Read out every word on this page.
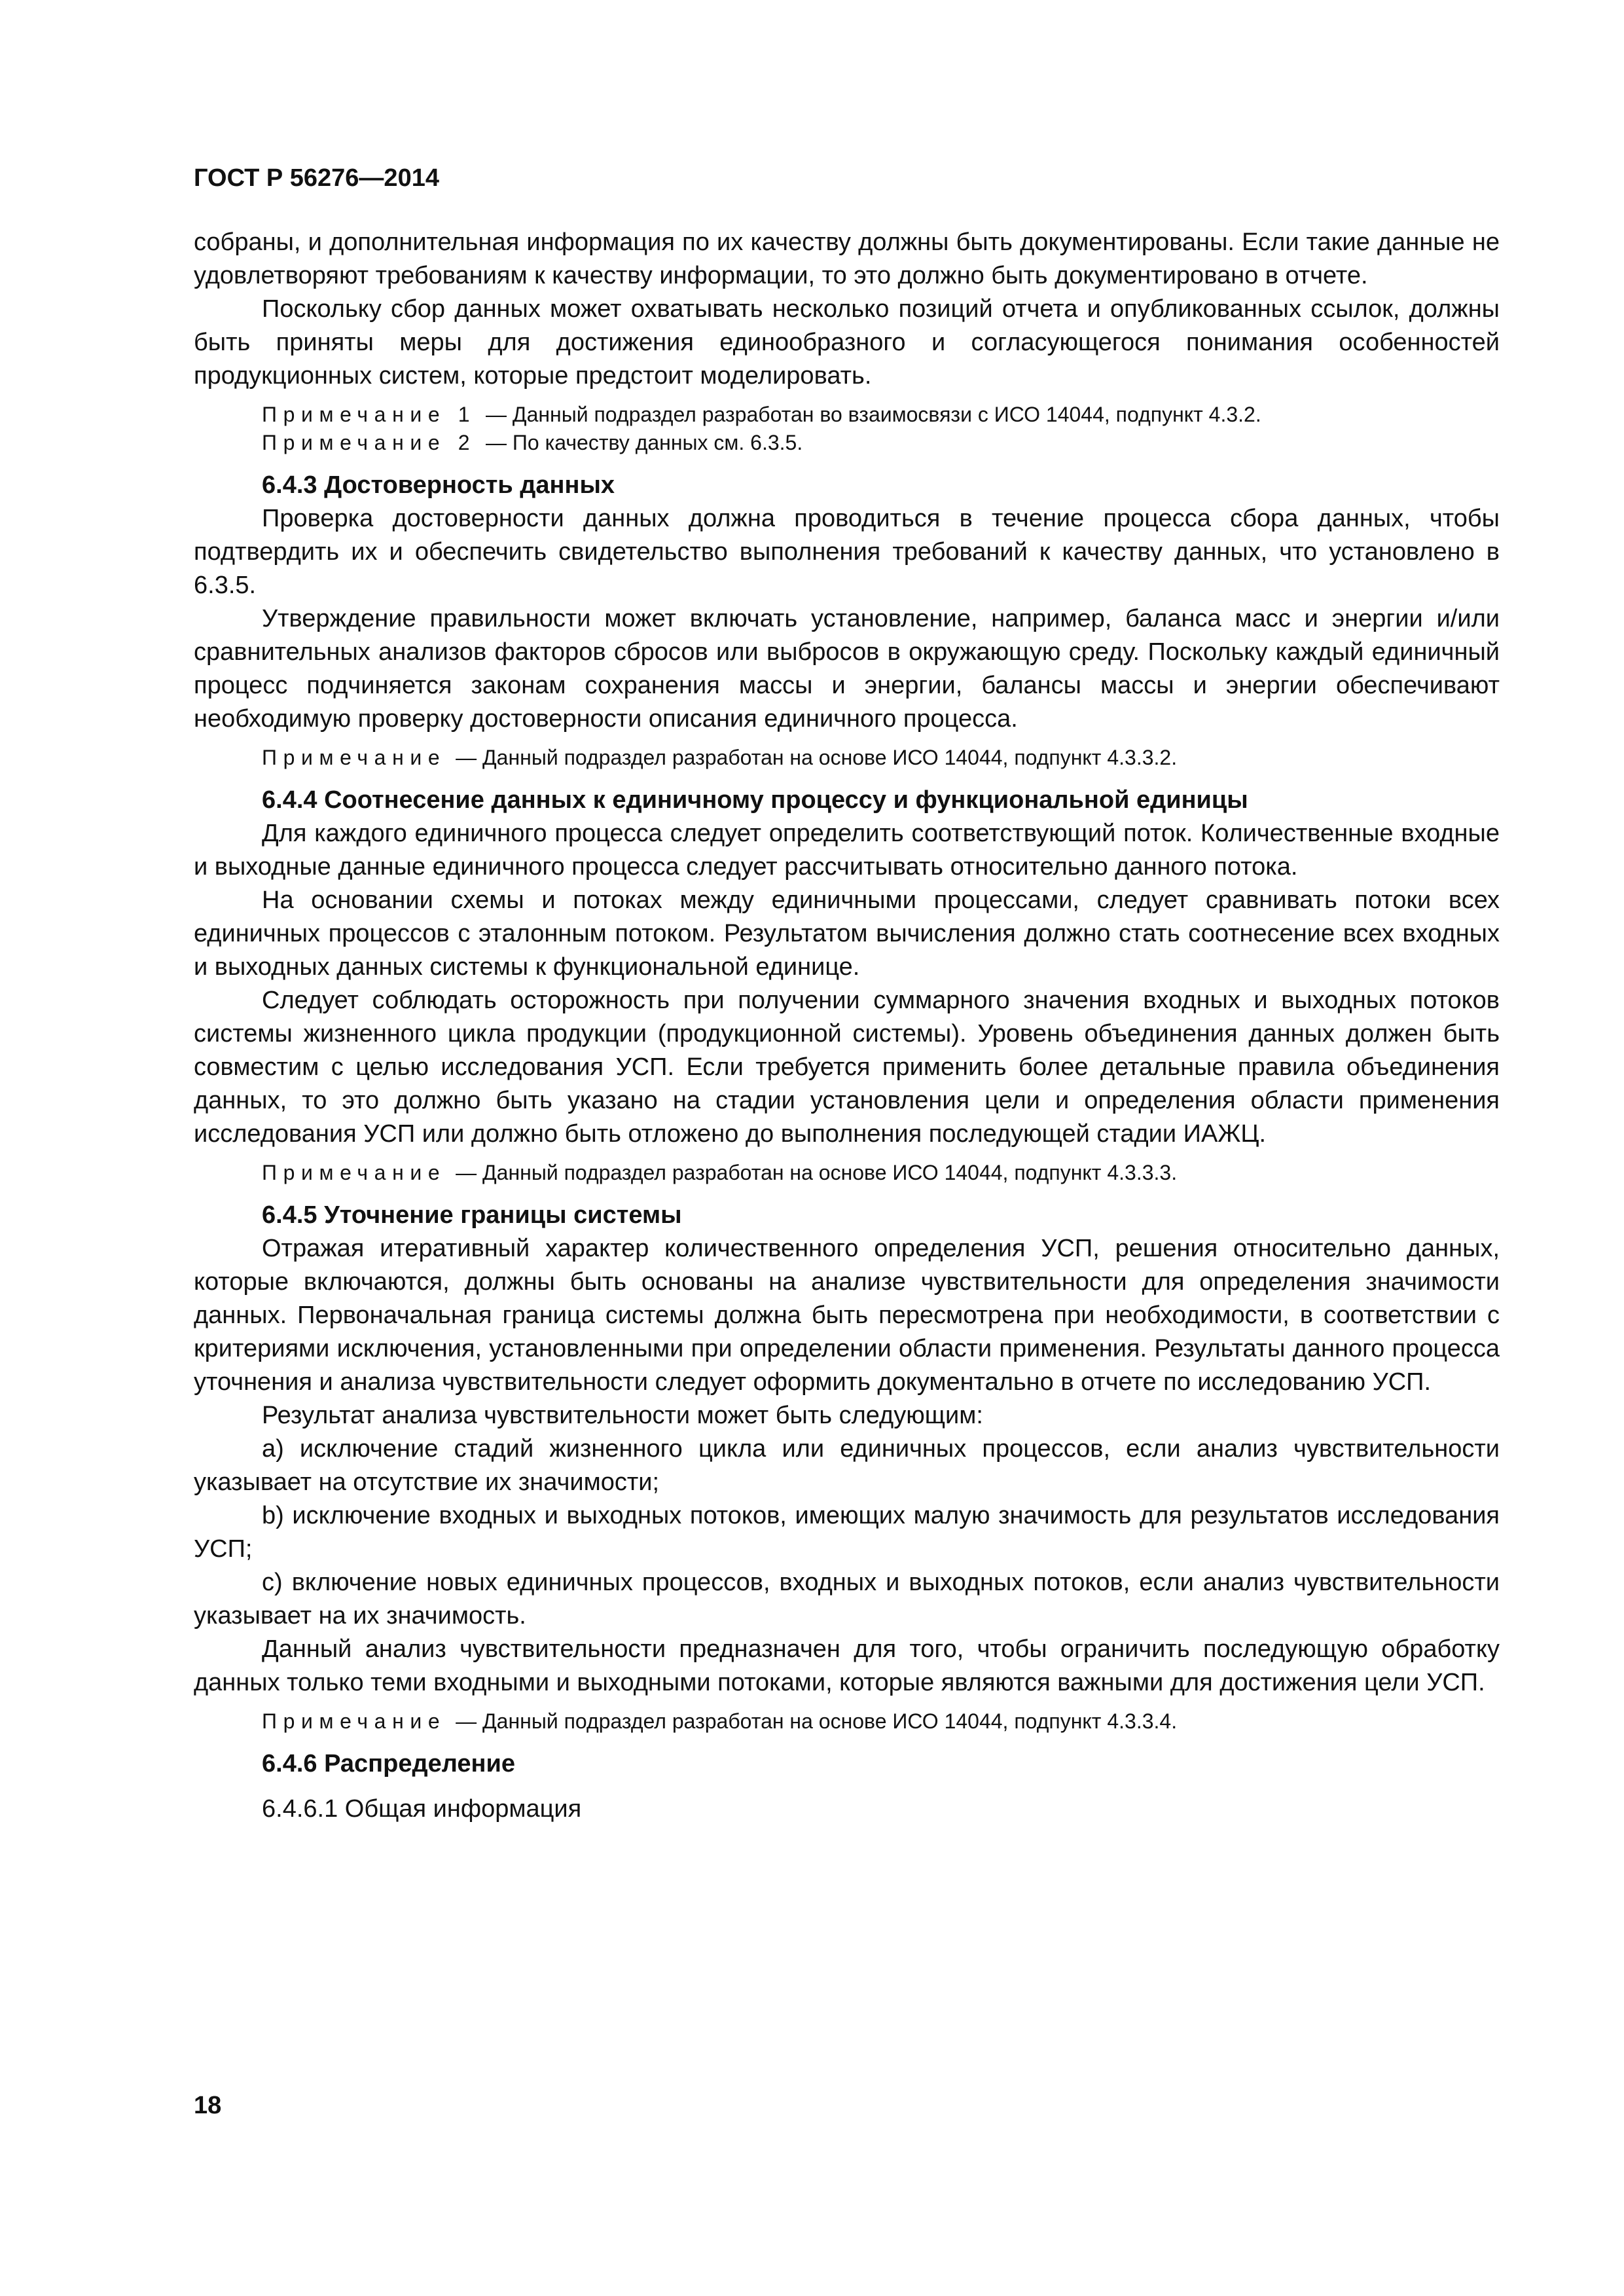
ГОСТ Р 56276—2014

собраны, и дополнительная информация по их качеству должны быть документированы. Если такие данные не удовлетворяют требованиям к качеству информации, то это должно быть документировано в отчете.

Поскольку сбор данных может охватывать несколько позиций отчета и опубликованных ссылок, должны быть приняты меры для достижения единообразного и согласующегося понимания особенностей продукционных систем, которые предстоит моделировать.

Примечание 1 — Данный подраздел разработан во взаимосвязи с ИСО 14044, подпункт 4.3.2.

Примечание 2 — По качеству данных см. 6.3.5.

6.4.3 Достоверность данных

Проверка достоверности данных должна проводиться в течение процесса сбора данных, чтобы подтвердить их и обеспечить свидетельство выполнения требований к качеству данных, что установлено в 6.3.5.

Утверждение правильности может включать установление, например, баланса масс и энергии и/или сравнительных анализов факторов сбросов или выбросов в окружающую среду. Поскольку каждый единичный процесс подчиняется законам сохранения массы и энергии, балансы массы и энергии обеспечивают необходимую проверку достоверности описания единичного процесса.

Примечание — Данный подраздел разработан на основе ИСО 14044, подпункт 4.3.3.2.

6.4.4 Соотнесение данных к единичному процессу и функциональной единицы

Для каждого единичного процесса следует определить соответствующий поток. Количественные входные и выходные данные единичного процесса следует рассчитывать относительно данного потока.

На основании схемы и потоках между единичными процессами, следует сравнивать потоки всех единичных процессов с эталонным потоком. Результатом вычисления должно стать соотнесение всех входных и выходных данных системы к функциональной единице.

Следует соблюдать осторожность при получении суммарного значения входных и выходных потоков системы жизненного цикла продукции (продукционной системы). Уровень объединения данных должен быть совместим с целью исследования УСП. Если требуется применить более детальные правила объединения данных, то это должно быть указано на стадии установления цели и определения области применения исследования УСП или должно быть отложено до выполнения последующей стадии ИАЖЦ.

Примечание — Данный подраздел разработан на основе ИСО 14044, подпункт 4.3.3.3.

6.4.5 Уточнение границы системы

Отражая итеративный характер количественного определения УСП, решения относительно данных, которые включаются, должны быть основаны на анализе чувствительности для определения значимости данных. Первоначальная граница системы должна быть пересмотрена при необходимости, в соответствии с критериями исключения, установленными при определении области применения. Результаты данного процесса уточнения и анализа чувствительности следует оформить документально в отчете по исследованию УСП.

Результат анализа чувствительности может быть следующим:

a) исключение стадий жизненного цикла или единичных процессов, если анализ чувствительности указывает на отсутствие их значимости;

b) исключение входных и выходных потоков, имеющих малую значимость для результатов исследования УСП;

c) включение новых единичных процессов, входных и выходных потоков, если анализ чувствительности указывает на их значимость.

Данный анализ чувствительности предназначен для того, чтобы ограничить последующую обработку данных только теми входными и выходными потоками, которые являются важными для достижения цели УСП.

Примечание — Данный подраздел разработан на основе ИСО 14044, подпункт 4.3.3.4.

6.4.6 Распределение

6.4.6.1 Общая информация

18
